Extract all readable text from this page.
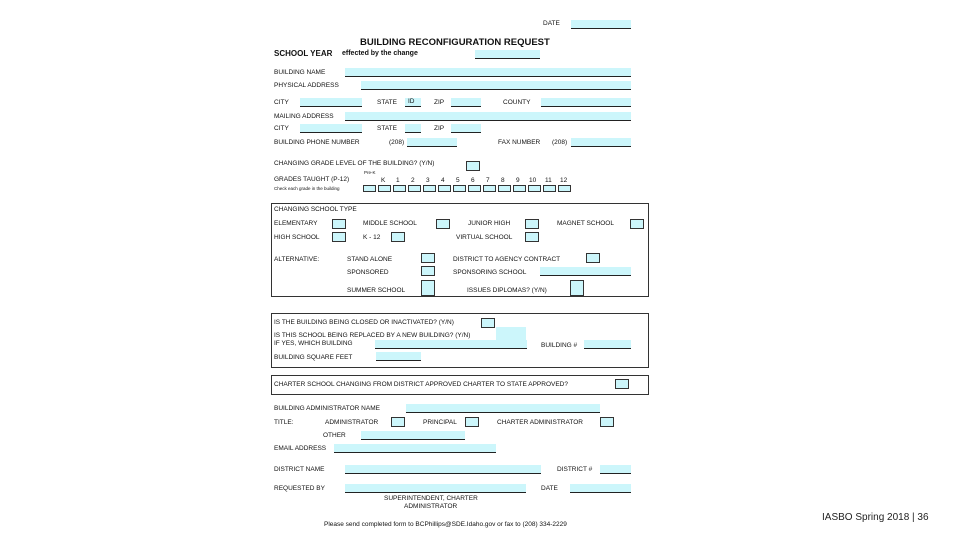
DATE
BUILDING RECONFIGURATION REQUEST
SCHOOL YEAR effected by the change
BUILDING NAME
PHYSICAL ADDRESS
CITY	STATE	ID	ZIP	COUNTY
MAILING ADDRESS
CITY	STATE	ZIP
BUILDING PHONE NUMBER	(208)	FAX NUMBER (208)
CHANGING GRADE LEVEL OF THE BUILDING? (Y/N)
GRADES TAUGHT (P-12)
Check each grade in the building
Pre-K
K 1 2 3 4 5 6 7 8 9 10 11 12
CHANGING SCHOOL TYPE
ELEMENTARY	MIDDLE SCHOOL	JUNIOR HIGH	MAGNET SCHOOL
HIGH SCHOOL	K - 12	VIRTUAL SCHOOL
ALTERNATIVE:	STAND ALONE	DISTRICT TO AGENCY CONTRACT
SPONSORED	SPONSORING SCHOOL
SUMMER SCHOOL	ISSUES DIPLOMAS? (Y/N)
IS THE BUILDING BEING CLOSED OR INACTIVATED? (Y/N)
IS THIS SCHOOL BEING REPLACED BY A NEW BUILDING? (Y/N)
IF YES, WHICH BUILDING	BUILDING #
BUILDING SQUARE FEET
CHARTER SCHOOL CHANGING FROM DISTRICT APPROVED CHARTER TO STATE APPROVED?
BUILDING ADMINISTRATOR NAME
TITLE:	ADMINISTRATOR	PRINCIPAL	CHARTER ADMINISTRATOR
OTHER
EMAIL ADDRESS
DISTRICT NAME	DISTRICT #
REQUESTED BY	DATE
SUPERINTENDENT, CHARTER
ADMINISTRATOR
Please send completed form to BCPhillips@SDE.Idaho.gov or fax to (208) 334-2229
IASBO Spring 2018 | 36
